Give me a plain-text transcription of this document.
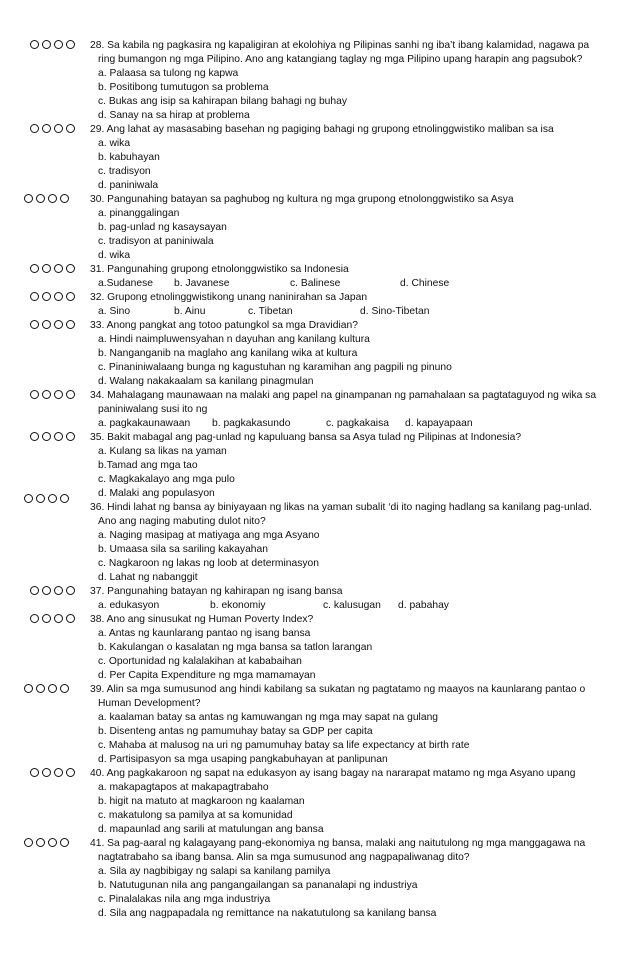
28. Sa kabila ng pagkasira ng kapaligiran at ekolohiya ng Pilipinas sanhi ng iba’t ibang kalamidad, nagawa pa
ring bumangon ng mga Pilipino. Ano ang katangiang taglay ng mga Pilipino upang harapin ang pagsubok?
a. Palaasa sa tulong ng kapwa
b. Positibong tumutugon sa problema
c. Bukas ang isip sa kahirapan bilang bahagi ng buhay
d. Sanay na sa hirap at problema
29. Ang lahat ay masasabing basehan ng pagiging bahagi ng grupong etnolinggwistiko maliban sa isa
a. wika
b. kabuhayan
c. tradisyon
d. paniniwala
30. Pangunahing batayan sa paghubog ng kultura ng mga grupong etnolonggwistiko sa Asya
a. pinanggalingan
b. pag-unlad ng kasaysayan
c. tradisyon at paniniwala
d. wika
31. Pangunahing grupong etnolonggwistiko sa Indonesia
a.Sudanese b. Javanese	c. Balinese	d. Chinese
32. Grupong etnolinggwistikong unang naninirahan sa Japan
a. Sino	b. Ainu	c. Tibetan	d. Sino-Tibetan
33. Anong pangkat ang totoo patungkol sa mga Dravidian?
a. Hindi naimpluwensyahan n dayuhan ang kanilang kultura
b. Nanganganib na maglaho ang kanilang wika at kultura
c. Pinaniniwalaang bunga ng kagustuhan ng karamihan ang pagpili ng pinuno
d. Walang nakakaalam sa kanilang pinagmulan
34. Mahalagang maunawaan na malaki ang papel na ginampanan ng pamahalaan sa pagtataguyod ng wika sa
paniniwalang susi ito ng
a. pagkakaunawaan b. pagkakasundo	c. pagkakaisa d. kapayapaan
35. Bakit mabagal ang pag-unlad ng kapuluang bansa sa Asya tulad ng Pilipinas at Indonesia?
a. Kulang sa likas na yaman
b.Tamad ang mga tao
c. Magkakalayo ang mga pulo
d. Malaki ang populasyon
36. Hindi lahat ng bansa ay biniyayaan ng likas na yaman subalit ‘di ito naging hadlang sa kanilang pag-unlad.
Ano ang naging mabuting dulot nito?
a. Naging masipag at matiyaga ang mga Asyano
b. Umaasa sila sa sariling kakayahan
c. Nagkaroon ng lakas ng loob at determinasyon
d. Lahat ng nabanggit
37. Pangunahing batayan ng kahirapan ng isang bansa
a. edukasyon	b. ekonomiy	c. kalusugan d. pabahay
38. Ano ang sinusukat ng Human Poverty Index?
a. Antas ng kaunlarang pantao ng isang bansa
b. Kakulangan o kasalatan ng mga bansa sa tatlon larangan
c. Oportunidad ng kalalakihan at kababaihan
d. Per Capita Expenditure ng mga mamamayan
39. Alin sa mga sumusunod ang hindi kabilang sa sukatan ng pagtatamo ng maayos na kaunlarang pantao o
Human Development?
a. kaalaman batay sa antas ng kamuwangan ng mga may sapat na gulang
b. Disenteng antas ng pamumuhay batay sa GDP per capita
c. Mahaba at malusog na uri ng pamumuhay batay sa life expectancy at birth rate
d. Partisipasyon sa mga usaping pangkabuhayan at panlipunan
40. Ang pagkakaroon ng sapat na edukasyon ay isang bagay na nararapat matamo ng mga Asyano upang
a. makapagtapos at makapagtrabaho
b. higit na matuto at magkaroon ng kaalaman
c. makatulong sa pamilya at sa komunidad
d. mapaunlad ang sarili at matulungan ang bansa
41. Sa pag-aaral ng kalagayang pang-ekonomiya ng bansa, malaki ang naitutulong ng mga manggagawa na
nagtatrabaho sa ibang bansa. Alin sa mga sumusunod ang nagpapaliwanag dito?
a. Sila ay nagbibigay ng salapi sa kanilang pamilya
b. Natutugunan nila ang pangangailangan sa pananalapi ng industriya
c. Pinalalakas nila ang mga industriya
d. Sila ang nagpapadala ng remittance na nakatutulong sa kanilang bansa
